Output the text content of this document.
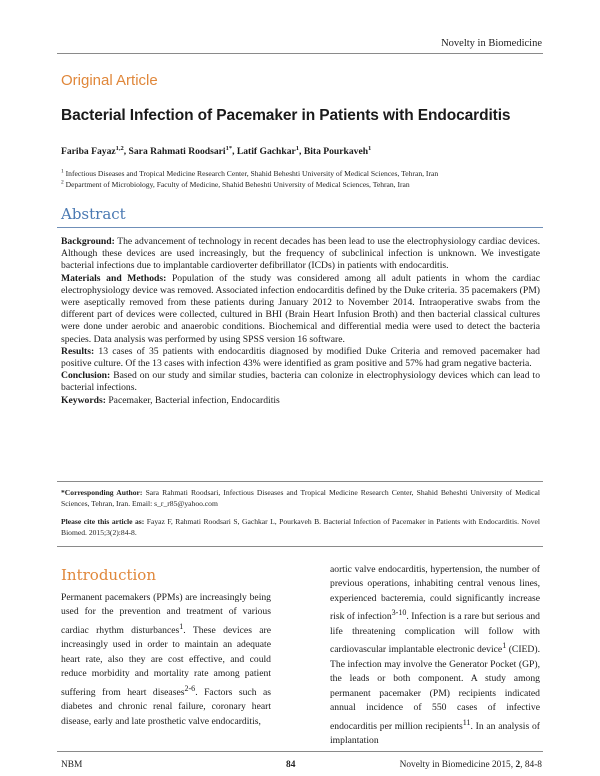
Novelty in Biomedicine
Original Article
Bacterial Infection of Pacemaker in Patients with Endocarditis
Fariba Fayaz$^{1,2}$, Sara Rahmati Roodsari$^{1*}$, Latif Gachkar$^1$, Bita Pourkaveh$^1$
$^1$ Infectious Diseases and Tropical Medicine Research Center, Shahid Beheshti University of Medical Sciences, Tehran, Iran
$^2$ Department of Microbiology, Faculty of Medicine, Shahid Beheshti University of Medical Sciences, Tehran, Iran
Abstract

Background: The advancement of technology in recent decades has been lead to use the electrophysiology cardiac devices. Although these devices are used increasingly, but the frequency of subclinical infection is unknown. We investigate bacterial infections due to implantable cardioverter defibrillator (ICDs) in patients with endocarditis.

Materials and Methods: Population of the study was considered among all adult patients in whom the cardiac electrophysiology device was removed. Associated infection endocarditis defined by the Duke criteria. 35 pacemakers (PM) were aseptically removed from these patients during January 2012 to November 2014. Intraoperative swabs from the different part of devices were collected, cultured in BHI (Brain Heart Infusion Broth) and then bacterial classical cultures were done under aerobic and anaerobic conditions. Biochemical and differential media were used to detect the bacteria species. Data analysis was performed by using SPSS version 16 software.

Results: 13 cases of 35 patients with endocarditis diagnosed by modified Duke Criteria and removed pacemaker had positive culture. Of the 13 cases with infection 43% were identified as gram positive and 57% had gram negative bacteria.

Conclusion: Based on our study and similar studies, bacteria can colonize in electrophysiology devices which can lead to bacterial infections.

Keywords: Pacemaker, Bacterial infection, Endocarditis

*Corresponding Author: Sara Rahmati Roodsari, Infectious Diseases and Tropical Medicine Research Center, Shahid Beheshti University of Medical Sciences, Tehran, Iran. Email: s_r_r85@yahoo.com
Please cite this article as: Fayaz F, Rahmati Roodsari S, Gachkar L, Pourkaveh B. Bacterial Infection of Pacemaker in Patients with Endocarditis. Novel Biomed. 2015;3(2):84-8.
Introduction

Permanent pacemakers (PPMs) are increasingly being used for the prevention and treatment of various cardiac rhythm disturbances$^1$. These devices are increasingly used in order to maintain an adequate heart rate, also they are cost effective, and could reduce morbidity and mortality rate among patient suffering from heart diseases$^{2-6}$. Factors such as diabetes and chronic renal failure, coronary heart disease, early and late prosthetic valve endocarditis,

aortic valve endocarditis, hypertension, the number of previous operations, inhabiting central venous lines, experienced bacteremia, could significantly increase risk of infection$^{3-10}$. Infection is a rare but serious and life threatening complication will follow with cardiovascular implantable electronic device$^1$ (CIED). The infection may involve the Generator Pocket (GP), the leads or both component. A study among permanent pacemaker (PM) recipients indicated annual incidence of 550 cases of infective endocarditis per million recipients$^{11}$. In an analysis of implantation

NBM	84	Novelty in Biomedicine 2015, 2, 84-8
